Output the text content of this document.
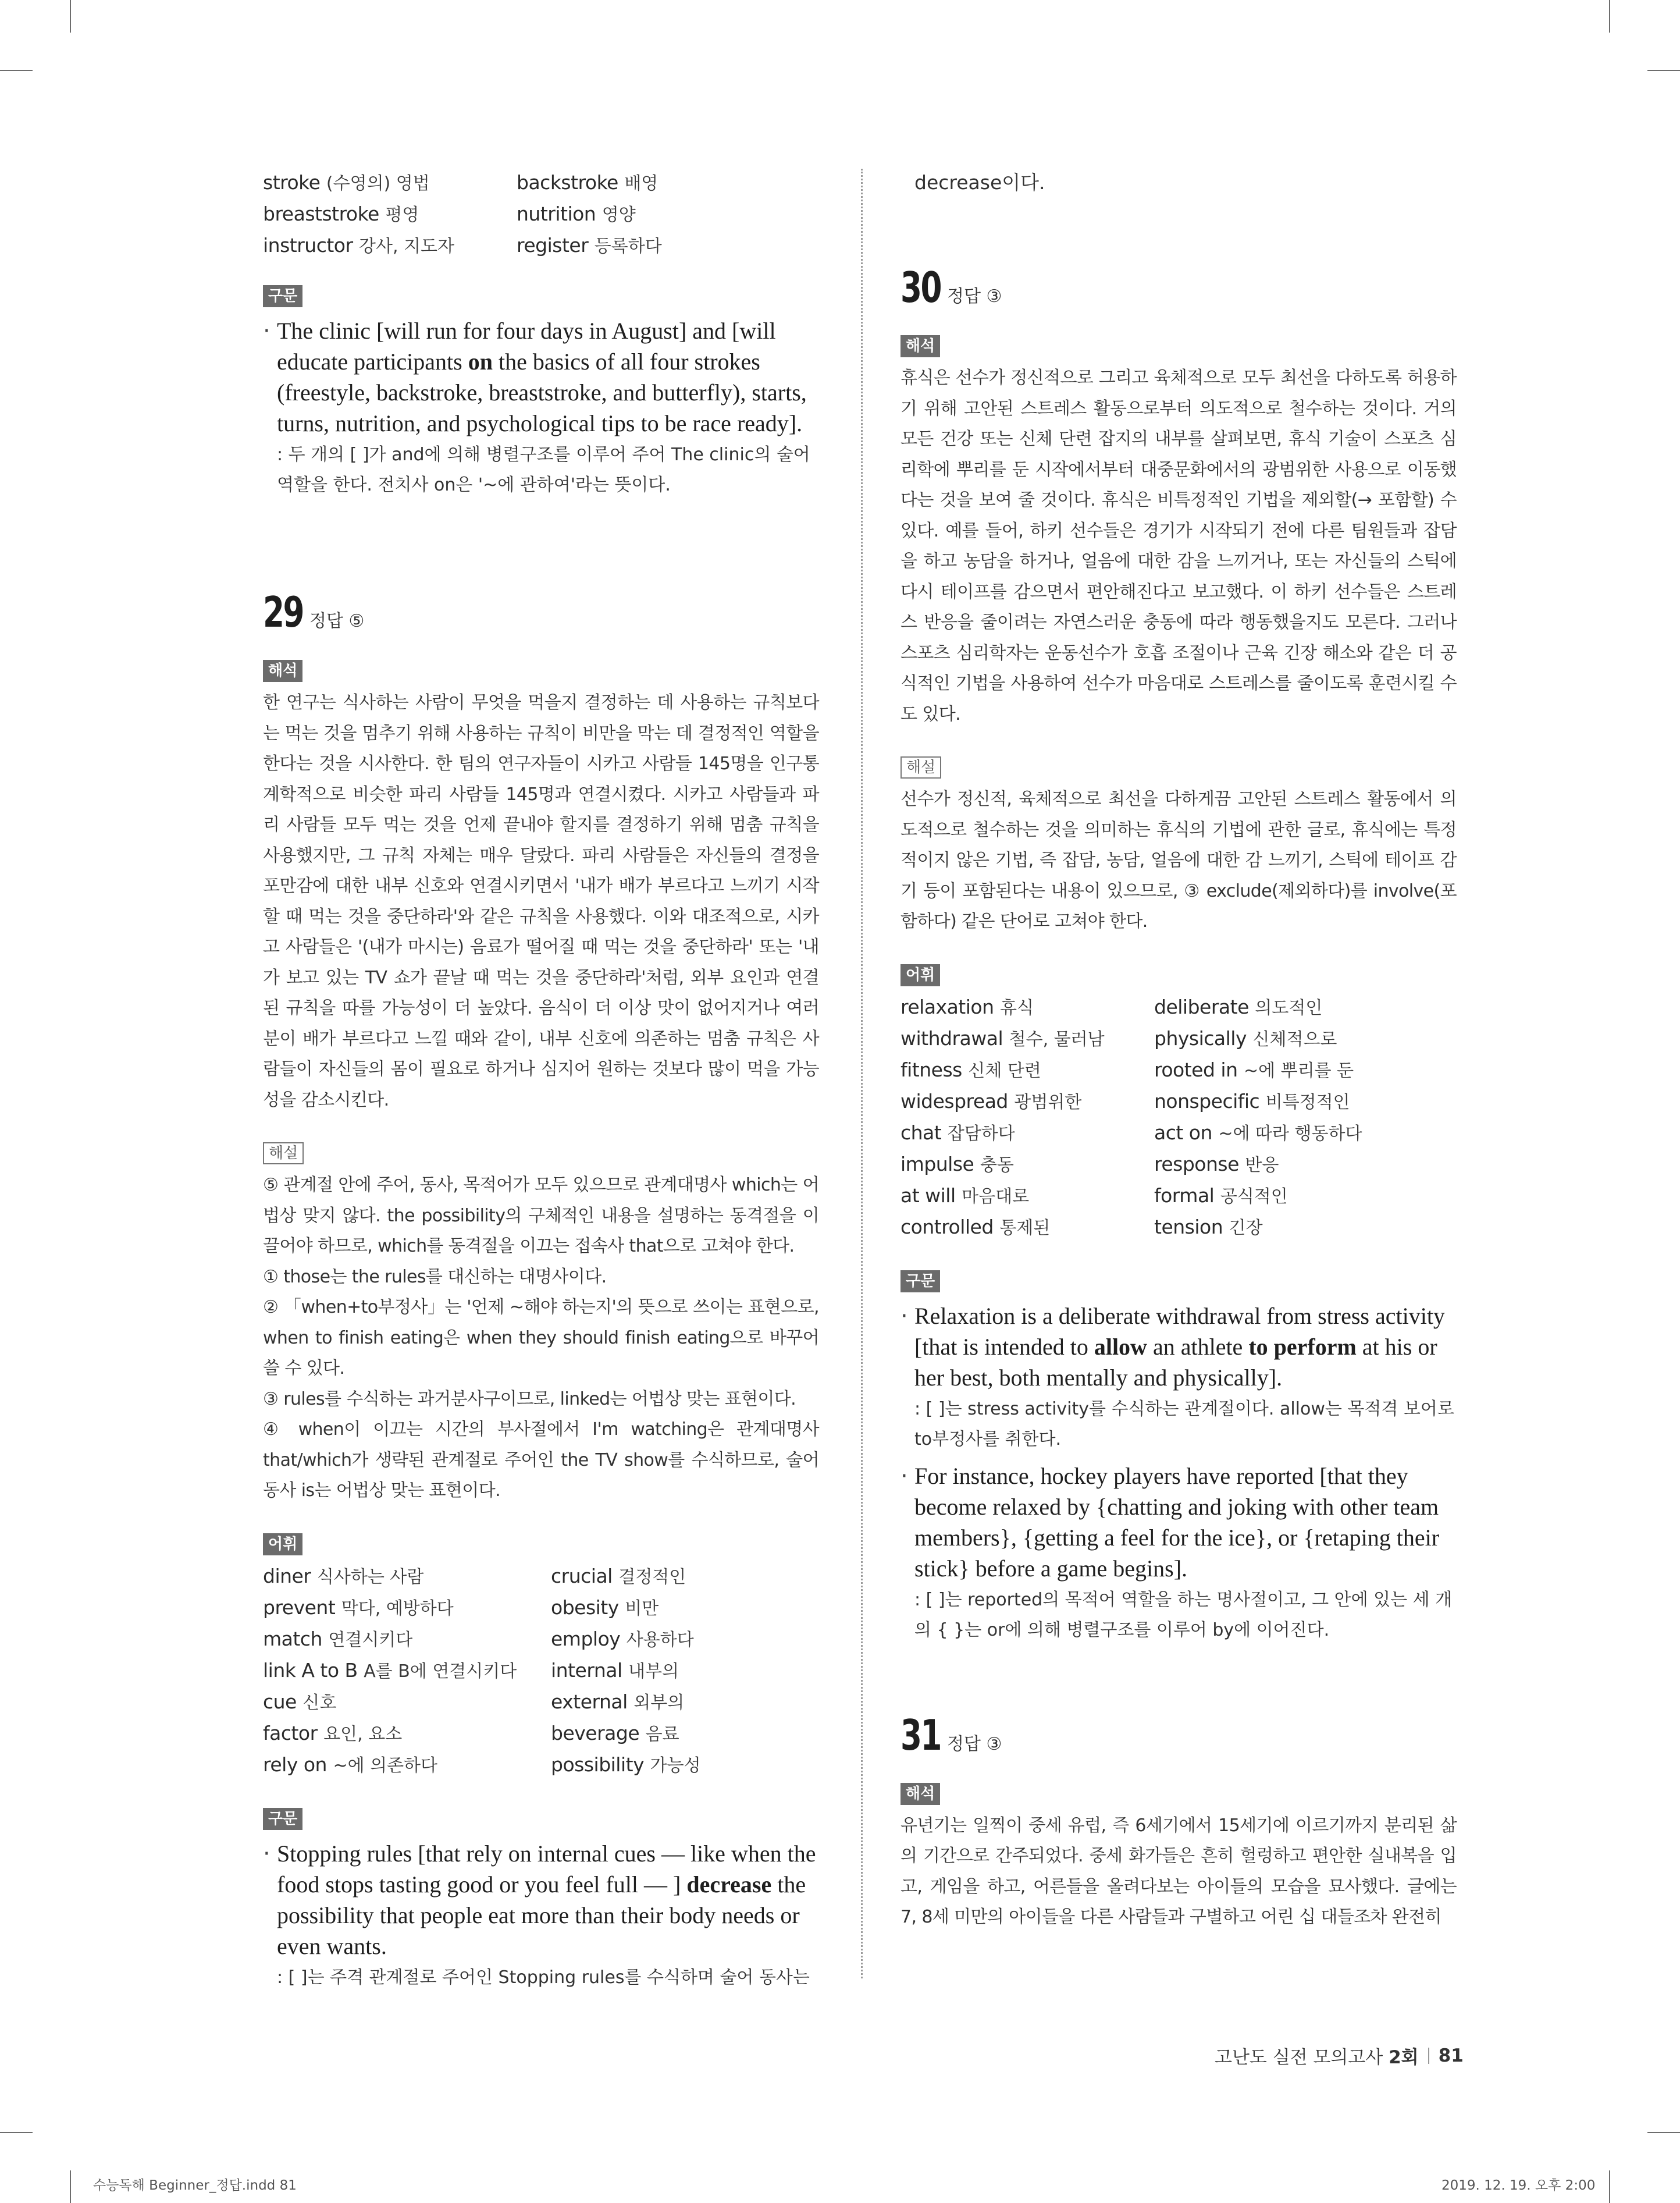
stroke (수영의) 영법	backstroke 배영
breaststroke 평영	nutrition 영양
instructor 강사, 지도자	register 등록하다
구문
· The clinic [will run for four days in August] and [will educate participants on the basics of all four strokes (freestyle, backstroke, breaststroke, and butterfly), starts, turns, nutrition, and psychological tips to be race ready].
: 두 개의 [ ]가 and에 의해 병렬구조를 이루어 주어 The clinic의 술어 역할을 한다. 전치사 on은 '~에 관하여'라는 뜻이다.
29 정답 ⑤
해석
한 연구는 식사하는 사람이 무엇을 먹을지 결정하는 데 사용하는 규칙보다는 먹는 것을 멈추기 위해 사용하는 규칙이 비만을 막는 데 결정적인 역할을 한다는 것을 시사한다. 한 팀의 연구자들이 시카고 사람들 145명을 인구통계학적으로 비슷한 파리 사람들 145명과 연결시켰다. 시카고 사람들과 파리 사람들 모두 먹는 것을 언제 끝내야 할지를 결정하기 위해 멈춤 규칙을 사용했지만, 그 규칙 자체는 매우 달랐다. 파리 사람들은 자신들의 결정을 포만감에 대한 내부 신호와 연결시키면서 '내가 배가 부르다고 느끼기 시작할 때 먹는 것을 중단하라'와 같은 규칙을 사용했다. 이와 대조적으로, 시카고 사람들은 '(내가 마시는) 음료가 떨어질 때 먹는 것을 중단하라' 또는 '내가 보고 있는 TV 쇼가 끝날 때 먹는 것을 중단하라'처럼, 외부 요인과 연결된 규칙을 따를 가능성이 더 높았다. 음식이 더 이상 맛이 없어지거나 여러분이 배가 부르다고 느낄 때와 같이, 내부 신호에 의존하는 멈춤 규칙은 사람들이 자신들의 몸이 필요로 하거나 심지어 원하는 것보다 많이 먹을 가능성을 감소시킨다.
해설
⑤ 관계절 안에 주어, 동사, 목적어가 모두 있으므로 관계대명사 which는 어법상 맞지 않다. the possibility의 구체적인 내용을 설명하는 동격절을 이끌어야 하므로, which를 동격절을 이끄는 접속사 that으로 고쳐야 한다.
① those는 the rules를 대신하는 대명사이다.
② 「when+to부정사」는 '언제 ~해야 하는지'의 뜻으로 쓰이는 표현으로, when to finish eating은 when they should finish eating으로 바꾸어 쓸 수 있다.
③ rules를 수식하는 과거분사구이므로, linked는 어법상 맞는 표현이다.
④ when이 이끄는 시간의 부사절에서 I'm watching은 관계대명사 that/which가 생략된 관계절로 주어인 the TV show를 수식하므로, 술어 동사 is는 어법상 맞는 표현이다.
어휘
diner 식사하는 사람	crucial 결정적인
prevent 막다, 예방하다	obesity 비만
match 연결시키다	employ 사용하다
link A to B A를 B에 연결시키다	internal 내부의
cue 신호	external 외부의
factor 요인, 요소	beverage 음료
rely on ~에 의존하다	possibility 가능성
구문
· Stopping rules [that rely on internal cues — like when the food stops tasting good or you feel full — ] decrease the possibility that people eat more than their body needs or even wants.
: [ ]는 주격 관계절로 주어인 Stopping rules를 수식하며 술어 동사는
decrease이다.
30 정답 ③
해석
휴식은 선수가 정신적으로 그리고 육체적으로 모두 최선을 다하도록 허용하기 위해 고안된 스트레스 활동으로부터 의도적으로 철수하는 것이다. 거의 모든 건강 또는 신체 단련 잡지의 내부를 살펴보면, 휴식 기술이 스포츠 심리학에 뿌리를 둔 시작에서부터 대중문화에서의 광범위한 사용으로 이동했다는 것을 보여 줄 것이다. 휴식은 비특정적인 기법을 제외할(→ 포함할) 수 있다. 예를 들어, 하키 선수들은 경기가 시작되기 전에 다른 팀원들과 잡담을 하고 농담을 하거나, 얼음에 대한 감을 느끼거나, 또는 자신들의 스틱에 다시 테이프를 감으면서 편안해진다고 보고했다. 이 하키 선수들은 스트레스 반응을 줄이려는 자연스러운 충동에 따라 행동했을지도 모른다. 그러나 스포츠 심리학자는 운동선수가 호흡 조절이나 근육 긴장 해소와 같은 더 공식적인 기법을 사용하여 선수가 마음대로 스트레스를 줄이도록 훈련시킬 수도 있다.
해설
선수가 정신적, 육체적으로 최선을 다하게끔 고안된 스트레스 활동에서 의도적으로 철수하는 것을 의미하는 휴식의 기법에 관한 글로, 휴식에는 특정적이지 않은 기법, 즉 잡담, 농담, 얼음에 대한 감 느끼기, 스틱에 테이프 감기 등이 포함된다는 내용이 있으므로, ③ exclude(제외하다)를 involve(포함하다) 같은 단어로 고쳐야 한다.
어휘
relaxation 휴식	deliberate 의도적인
withdrawal 철수, 물러남	physically 신체적으로
fitness 신체 단련	rooted in ~에 뿌리를 둔
widespread 광범위한	nonspecific 비특정적인
chat 잡담하다	act on ~에 따라 행동하다
impulse 충동	response 반응
at will 마음대로	formal 공식적인
controlled 통제된	tension 긴장
구문
· Relaxation is a deliberate withdrawal from stress activity [that is intended to allow an athlete to perform at his or her best, both mentally and physically].
: [ ]는 stress activity를 수식하는 관계절이다. allow는 목적격 보어로 to부정사를 취한다.
· For instance, hockey players have reported [that they become relaxed by {chatting and joking with other team members}, {getting a feel for the ice}, or {retaping their stick} before a game begins].
: [ ]는 reported의 목적어 역할을 하는 명사절이고, 그 안에 있는 세 개의 { }는 or에 의해 병렬구조를 이루어 by에 이어진다.
31 정답 ③
해석
유년기는 일찍이 중세 유럽, 즉 6세기에서 15세기에 이르기까지 분리된 삶의 기간으로 간주되었다. 중세 화가들은 흔히 헐렁하고 편안한 실내복을 입고, 게임을 하고, 어른들을 올려다보는 아이들의 모습을 묘사했다. 글에는 7, 8세 미만의 아이들을 다른 사람들과 구별하고 어린 십 대들조차 완전히
고난도 실전 모의고사
2회 81
수능독해 Beginner_정답.indd 81	2019. 12. 19. 오후 2:00
